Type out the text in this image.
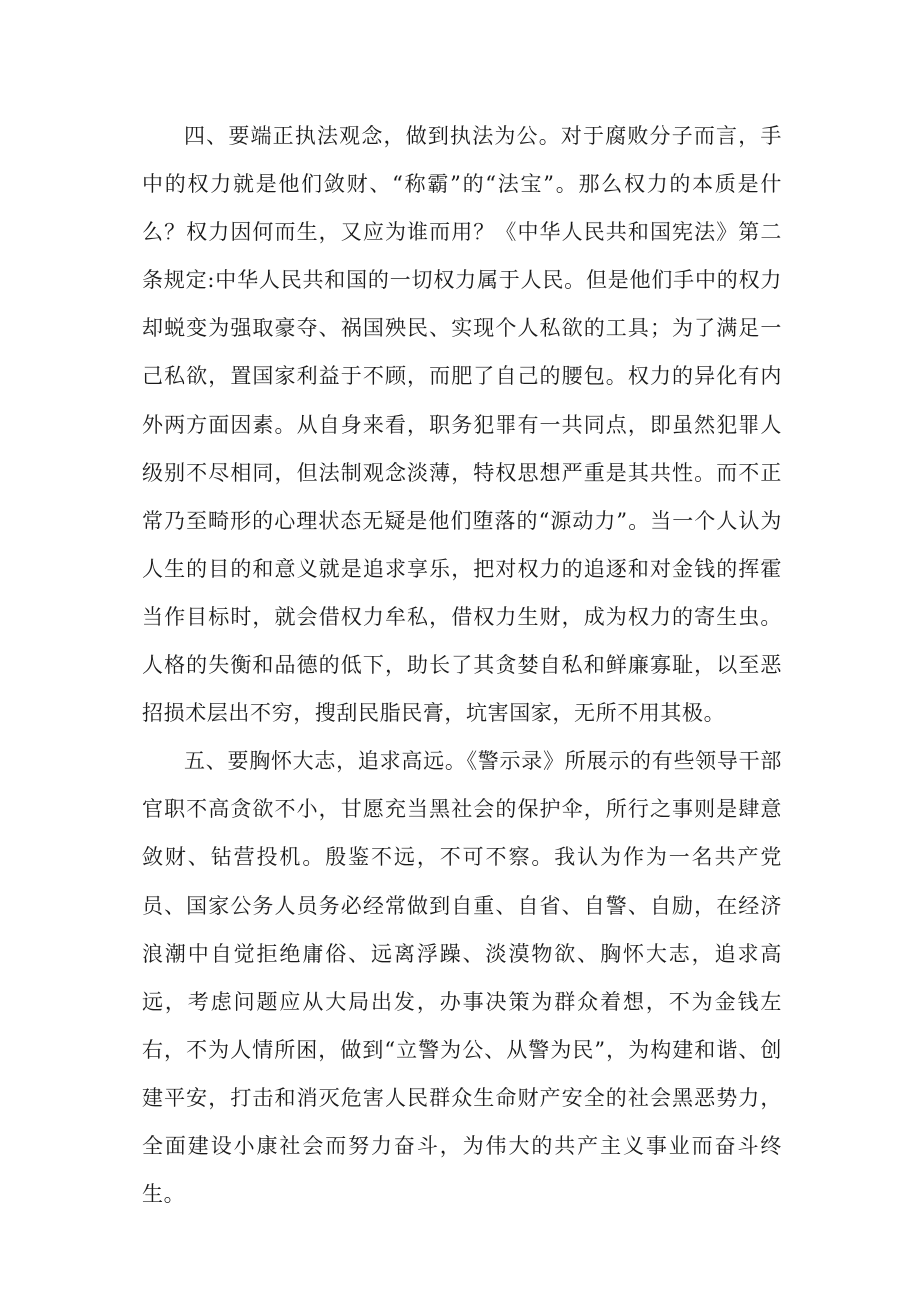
四、要端正执法观念，做到执法为公。对于腐败分子而言，手中的权力就是他们敛财、“称霸”的“法宝”。那么权力的本质是什么？权力因何而生，又应为谁而用？《中华人民共和国宪法》第二条规定:中华人民共和国的一切权力属于人民。但是他们手中的权力却蜕变为强取豪夺、祸国殃民、实现个人私欲的工具；为了满足一己私欲，置国家利益于不顾，而肥了自己的腰包。权力的异化有内外两方面因素。从自身来看，职务犯罪有一共同点，即虽然犯罪人级别不尽相同，但法制观念淡薄，特权思想严重是其共性。而不正常乃至畸形的心理状态无疑是他们堕落的“源动力”。当一个人认为人生的目的和意义就是追求享乐，把对权力的追逐和对金钱的挥霍当作目标时，就会借权力牟私，借权力生财，成为权力的寄生虫。人格的失衡和品德的低下，助长了其贪婪自私和鲜廉寡耻，以至恶招损术层出不穷，搜刮民脂民膏，坑害国家，无所不用其极。

五、要胸怀大志，追求高远。《警示录》所展示的有些领导干部官职不高贪欲不小，甘愿充当黑社会的保护伞，所行之事则是肆意敛财、钻营投机。殷鉴不远，不可不察。我认为作为一名共产党员、国家公务人员务必经常做到自重、自省、自警、自励，在经济浪潮中自觉拒绝庸俗、远离浮躁、淡漠物欲、胸怀大志，追求高远，考虑问题应从大局出发，办事决策为群众着想，不为金钱左右，不为人情所困，做到“立警为公、从警为民”，为构建和谐、创建平安，打击和消灭危害人民群众生命财产安全的社会黑恶势力，全面建设小康社会而努力奋斗，为伟大的共产主义事业而奋斗终生。
